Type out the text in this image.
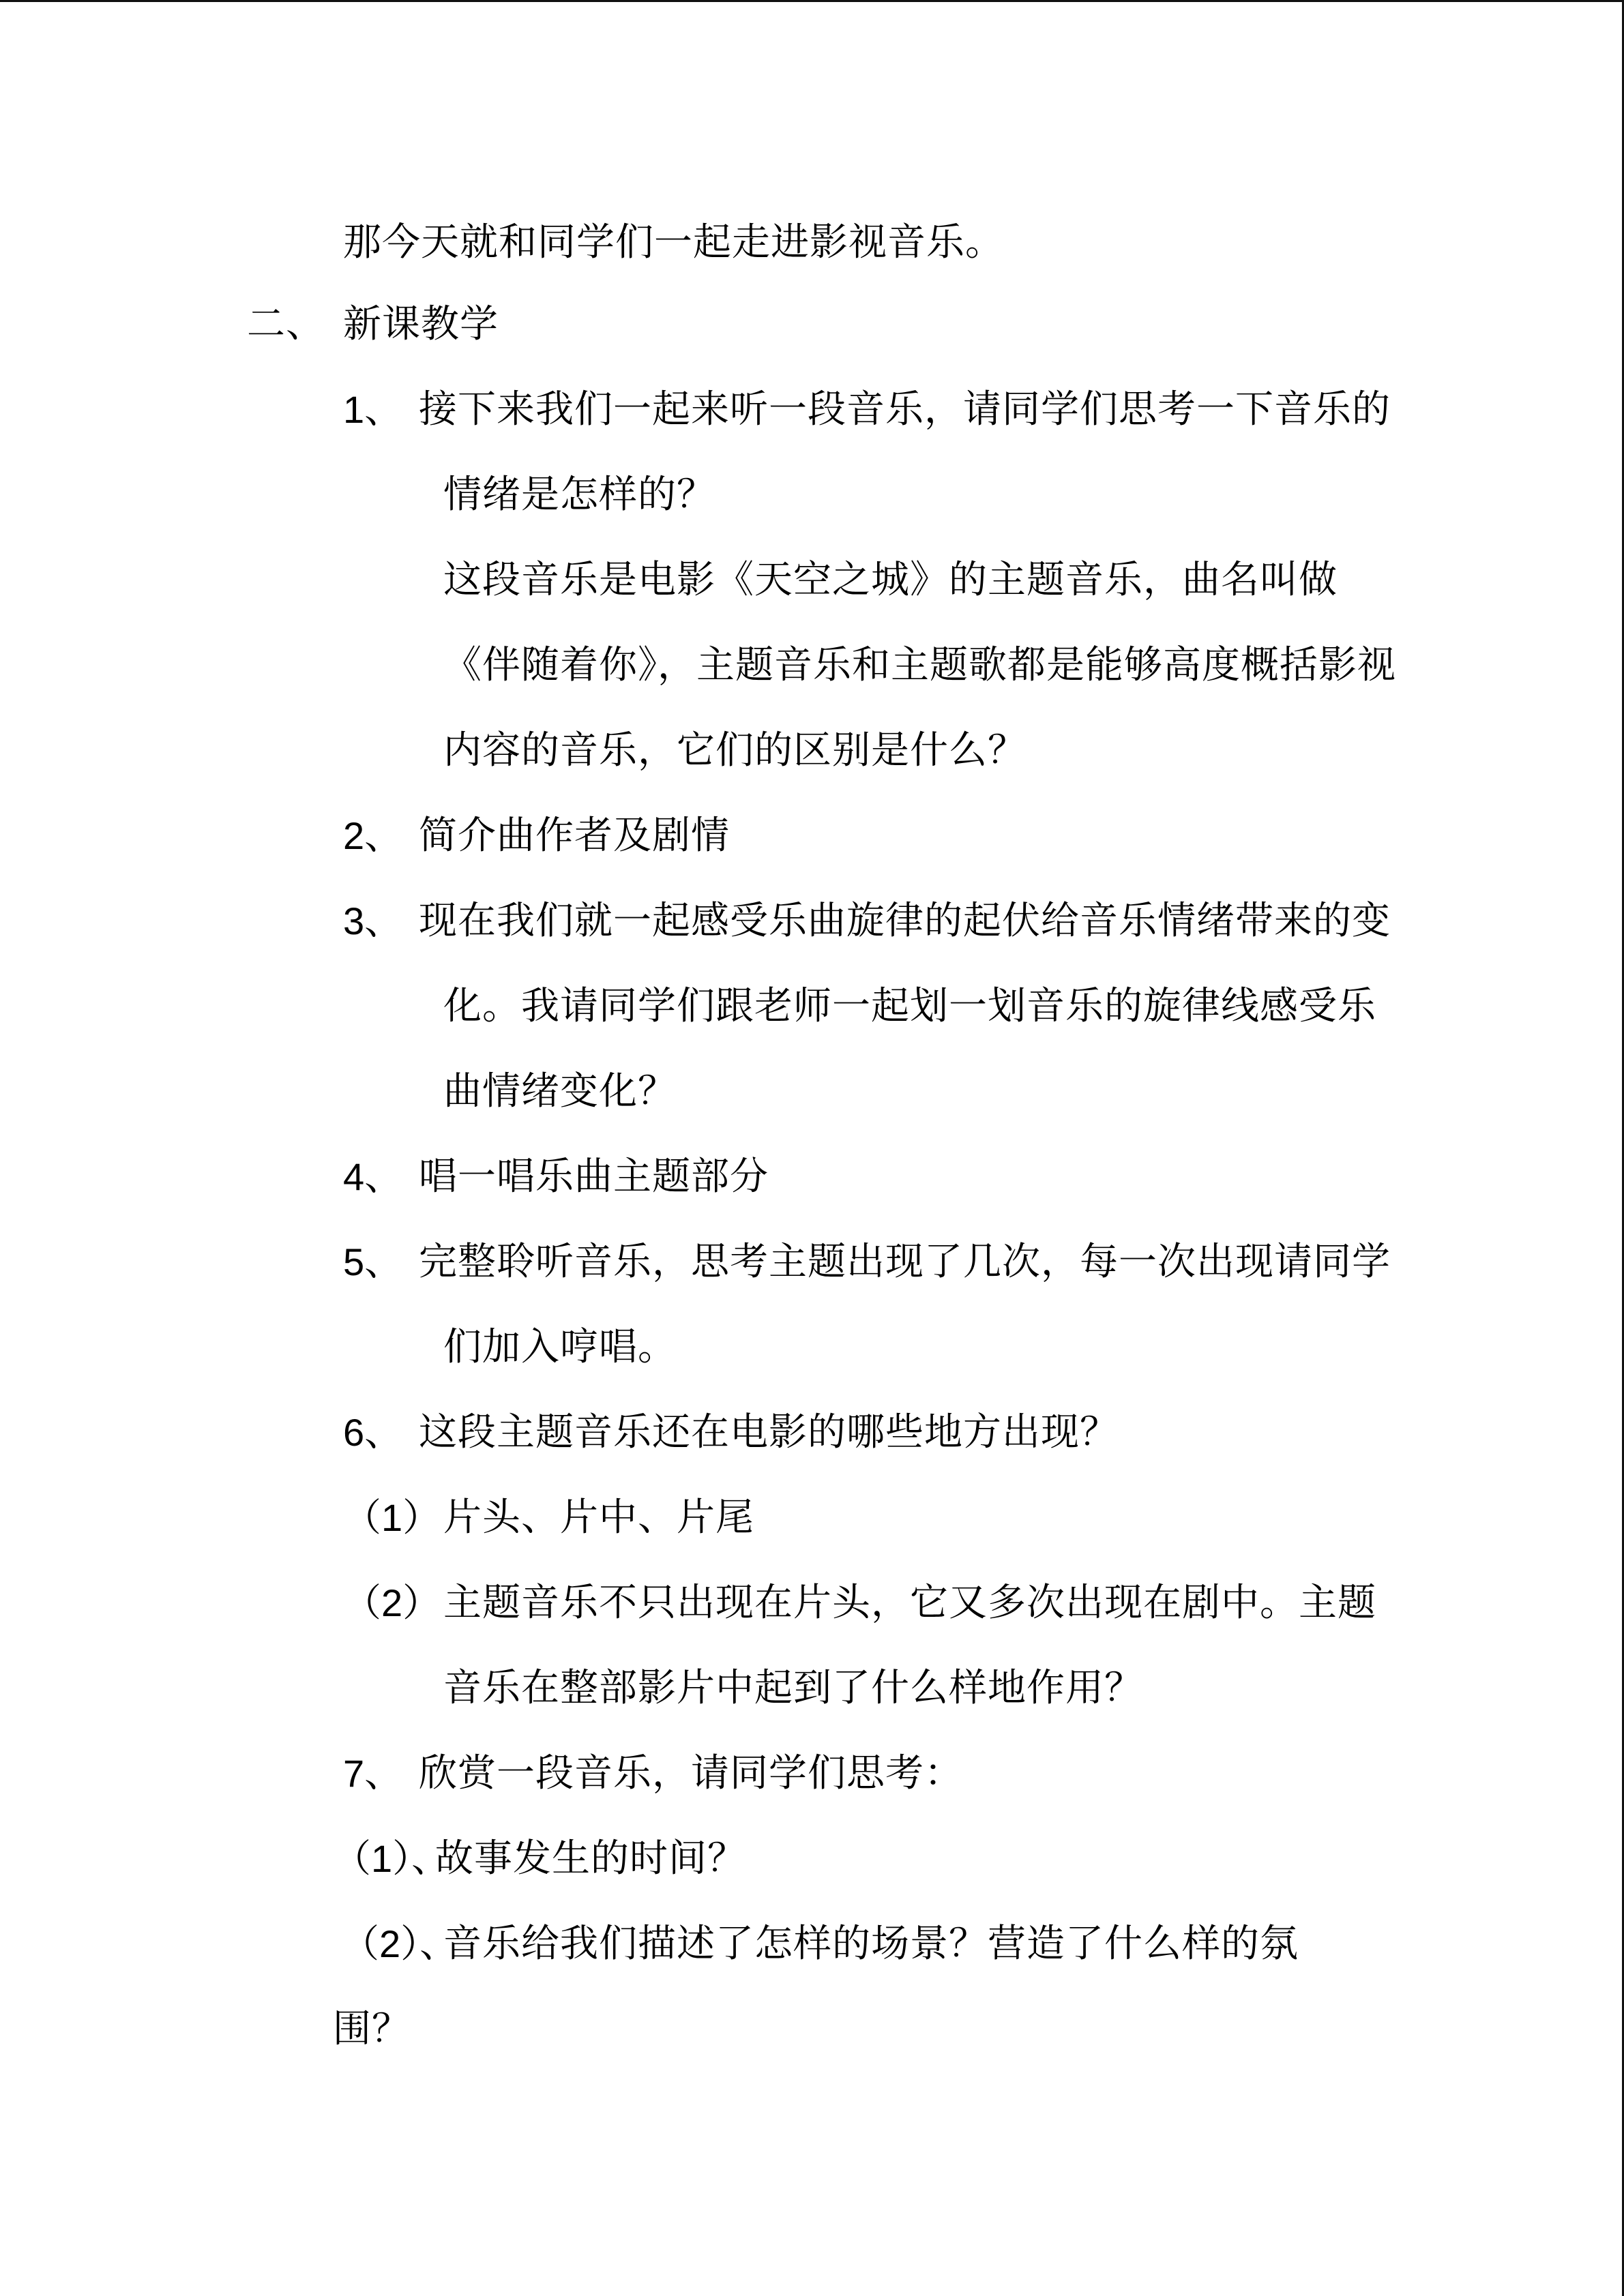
那今天就和同学们一起走进影视音乐。
二、 新课教学
1、 接下来我们一起来听一段音乐，请同学们思考一下音乐的
情绪是怎样的？
这段音乐是电影《天空之城》的主题音乐，曲名叫做
《伴随着你》，主题音乐和主题歌都是能够高度概括影视
内容的音乐，它们的区别是什么？
2、 简介曲作者及剧情
3、 现在我们就一起感受乐曲旋律的起伏给音乐情绪带来的变
化。我请同学们跟老师一起划一划音乐的旋律线感受乐
曲情绪变化？
4、 唱一唱乐曲主题部分
5、 完整聆听音乐，思考主题出现了几次，每一次出现请同学
们加入哼唱。
6、 这段主题音乐还在电影的哪些地方出现？
（1） 片头、片中、片尾
（2） 主题音乐不只出现在片头，它又多次出现在剧中。主题
音乐在整部影片中起到了什么样地作用？
7、 欣赏一段音乐，请同学们思考：
（1）、
故事发生的时间？
（2）、
音乐给我们描述了怎样的场景？营造了什么样的氛
围？
